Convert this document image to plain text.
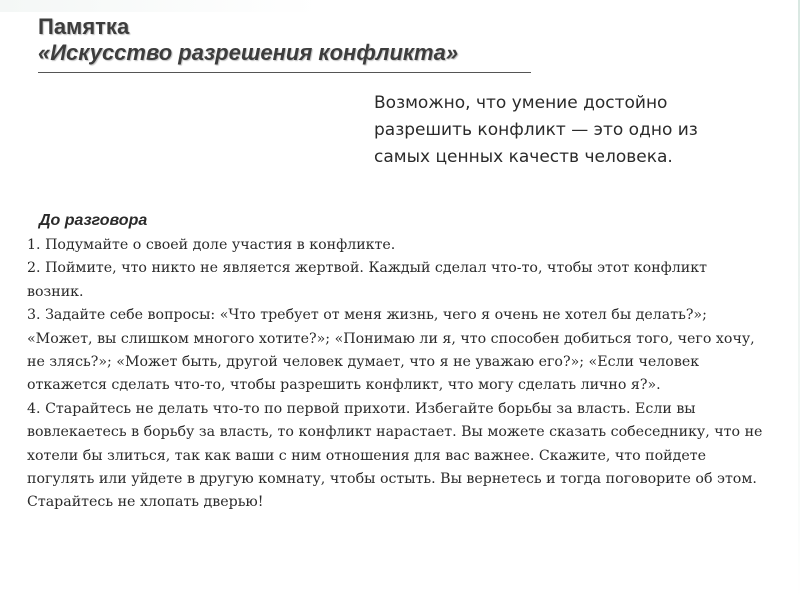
Памятка
«Искусство разрешения конфликта»
Возможно, что умение достойно разрешить конфликт — это одно из самых ценных качеств человека.
До разговора

1. Подумайте о своей доле участия в конфликте.

2. Поймите, что никто не является жертвой. Каждый сделал что-то, чтобы этот конфликт возник.

3. Задайте себе вопросы: «Что требует от меня жизнь, чего я очень не хотел бы делать?»; «Может, вы слишком многого хотите?»; «Понимаю ли я, что способен добиться того, чего хочу, не злясь?»; «Может быть, другой человек думает, что я не уважаю его?»; «Если человек откажется сделать что-то, чтобы разрешить конфликт, что могу сделать лично я?».

4. Старайтесь не делать что-то по первой прихоти. Избегайте борьбы за власть. Если вы вовлекаетесь в борьбу за власть, то конфликт нарастает. Вы можете сказать собеседнику, что не хотели бы злиться, так как ваши с ним отношения для вас важнее. Скажите, что пойдете погулять или уйдете в другую комнату, чтобы остыть. Вы вернетесь и тогда поговорите об этом. Старайтесь не хлопать дверью!
